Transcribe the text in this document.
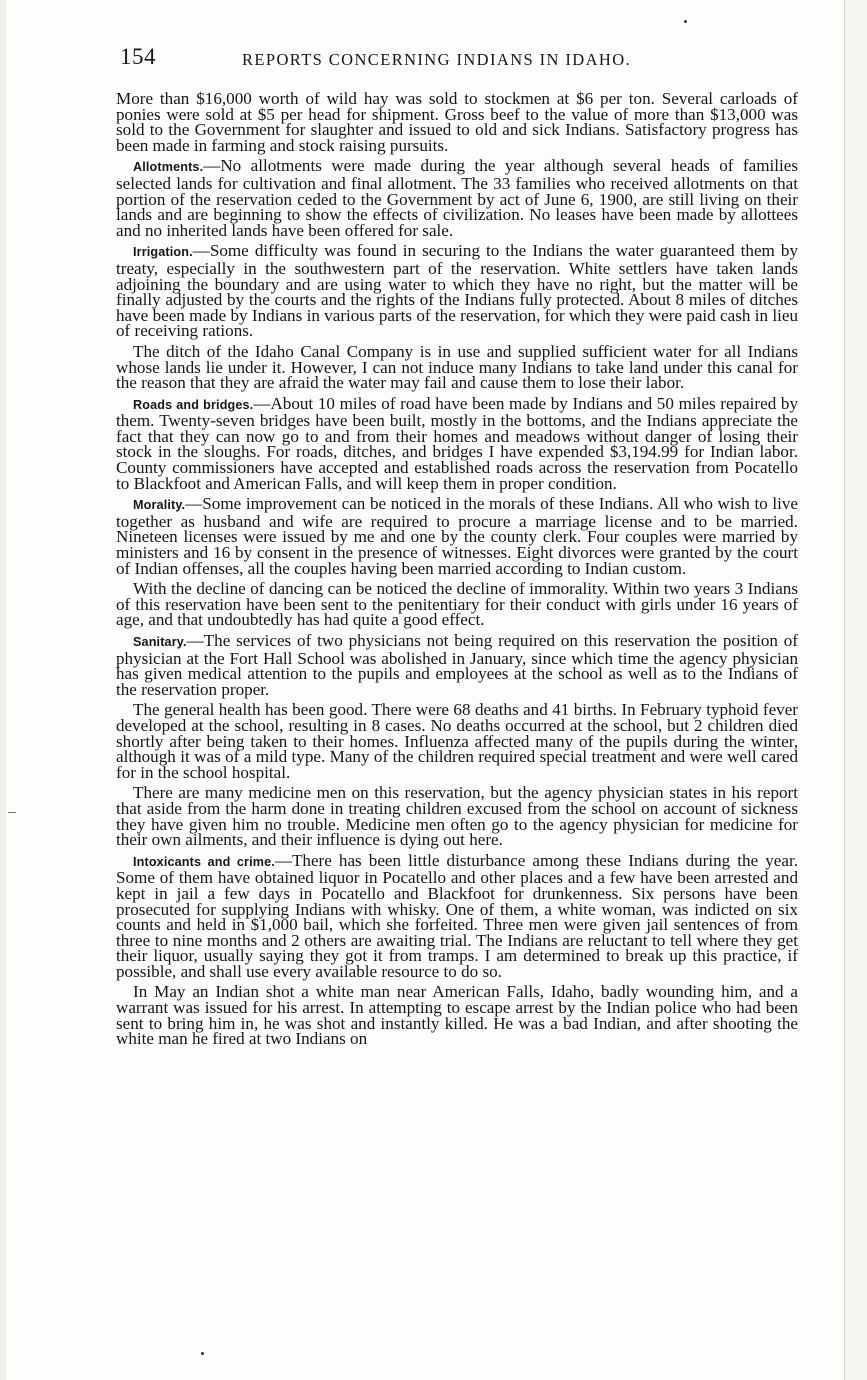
154	REPORTS CONCERNING INDIANS IN IDAHO.

More than $16,000 worth of wild hay was sold to stockmen at $6 per ton. Several carloads of ponies were sold at $5 per head for shipment. Gross beef to the value of more than $13,000 was sold to the Government for slaughter and issued to old and sick Indians. Satisfactory progress has been made in farming and stock raising pursuits.

Allotments.—No allotments were made during the year although several heads of families selected lands for cultivation and final allotment. The 33 families who received allotments on that portion of the reservation ceded to the Government by act of June 6, 1900, are still living on their lands and are beginning to show the effects of civilization. No leases have been made by allottees and no inherited lands have been offered for sale.

Irrigation.—Some difficulty was found in securing to the Indians the water guaranteed them by treaty, especially in the southwestern part of the reservation. White settlers have taken lands adjoining the boundary and are using water to which they have no right, but the matter will be finally adjusted by the courts and the rights of the Indians fully protected. About 8 miles of ditches have been made by Indians in various parts of the reservation, for which they were paid cash in lieu of receiving rations.

The ditch of the Idaho Canal Company is in use and supplied sufficient water for all Indians whose lands lie under it. However, I can not induce many Indians to take land under this canal for the reason that they are afraid the water may fail and cause them to lose their labor.

Roads and bridges.—About 10 miles of road have been made by Indians and 50 miles repaired by them. Twenty-seven bridges have been built, mostly in the bottoms, and the Indians appreciate the fact that they can now go to and from their homes and meadows without danger of losing their stock in the sloughs. For roads, ditches, and bridges I have expended $3,194.99 for Indian labor. County commissioners have accepted and established roads across the reservation from Pocatello to Blackfoot and American Falls, and will keep them in proper condition.

Morality.—Some improvement can be noticed in the morals of these Indians. All who wish to live together as husband and wife are required to procure a marriage license and to be married. Nineteen licenses were issued by me and one by the county clerk. Four couples were married by ministers and 16 by consent in the presence of witnesses. Eight divorces were granted by the court of Indian offenses, all the couples having been married according to Indian custom.

With the decline of dancing can be noticed the decline of immorality. Within two years 3 Indians of this reservation have been sent to the penitentiary for their conduct with girls under 16 years of age, and that undoubtedly has had quite a good effect.

Sanitary.—The services of two physicians not being required on this reservation the position of physician at the Fort Hall School was abolished in January, since which time the agency physician has given medical attention to the pupils and employees at the school as well as to the Indians of the reservation proper.

The general health has been good. There were 68 deaths and 41 births. In February typhoid fever developed at the school, resulting in 8 cases. No deaths occurred at the school, but 2 children died shortly after being taken to their homes. Influenza affected many of the pupils during the winter, although it was of a mild type. Many of the children required special treatment and were well cared for in the school hospital.

There are many medicine men on this reservation, but the agency physician states in his report that aside from the harm done in treating children excused from the school on account of sickness they have given him no trouble. Medicine men often go to the agency physician for medicine for their own ailments, and their influence is dying out here.

Intoxicants and crime.—There has been little disturbance among these Indians during the year. Some of them have obtained liquor in Pocatello and other places and a few have been arrested and kept in jail a few days in Pocatello and Blackfoot for drunkenness. Six persons have been prosecuted for supplying Indians with whisky. One of them, a white woman, was indicted on six counts and held in $1,000 bail, which she forfeited. Three men were given jail sentences of from three to nine months and 2 others are awaiting trial. The Indians are reluctant to tell where they get their liquor, usually saying they got it from tramps. I am determined to break up this practice, if possible, and shall use every available resource to do so.

In May an Indian shot a white man near American Falls, Idaho, badly wounding him, and a warrant was issued for his arrest. In attempting to escape arrest by the Indian police who had been sent to bring him in, he was shot and instantly killed. He was a bad Indian, and after shooting the white man he fired at two Indians on
